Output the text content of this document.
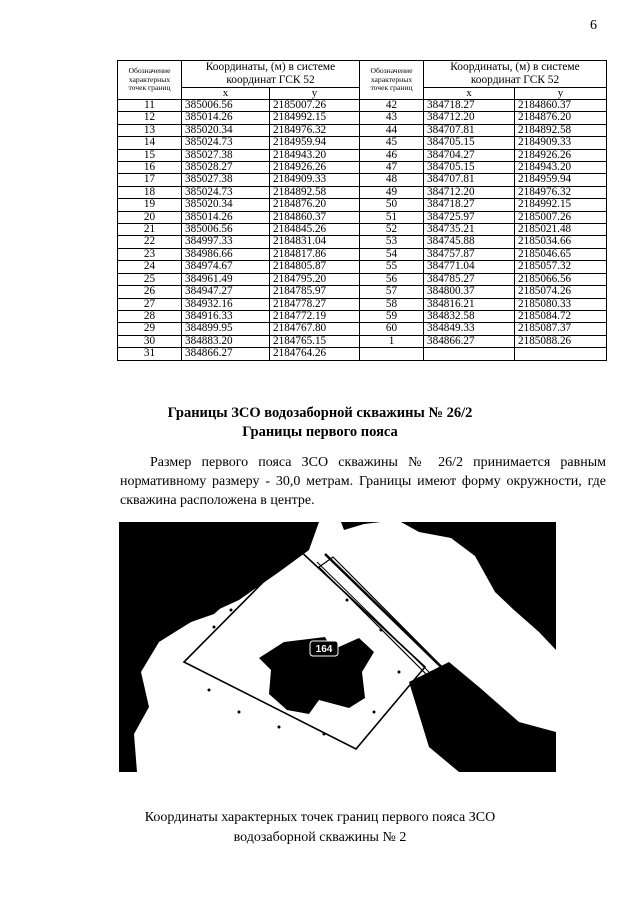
6
Обозначение характерных точек границ	Координаты, (м) в системе координат ГСК 52		Обозначение характерных точек границ	Координаты, (м) в системе координат ГСК 52	
	x	y		x	y
11	385006.56	2185007.26	42	384718.27	2184860.37
12	385014.26	2184992.15	43	384712.20	2184876.20
13	385020.34	2184976.32	44	384707.81	2184892.58
14	385024.73	2184959.94	45	384705.15	2184909.33
15	385027.38	2184943.20	46	384704.27	2184926.26
16	385028.27	2184926.26	47	384705.15	2184943.20
17	385027.38	2184909.33	48	384707.81	2184959.94
18	385024.73	2184892.58	49	384712.20	2184976.32
19	385020.34	2184876.20	50	384718.27	2184992.15
20	385014.26	2184860.37	51	384725.97	2185007.26
21	385006.56	2184845.26	52	384735.21	2185021.48
22	384997.33	2184831.04	53	384745.88	2185034.66
23	384986.66	2184817.86	54	384757.87	2185046.65
24	384974.67	2184805.87	55	384771.04	2185057.32
25	384961.49	2184795.20	56	384785.27	2185066.56
26	384947.27	2184785.97	57	384800.37	2185074.26
27	384932.16	2184778.27	58	384816.21	2185080.33
28	384916.33	2184772.19	59	384832.58	2185084.72
29	384899.95	2184767.80	60	384849.33	2185087.37
30	384883.20	2184765.15	1	384866.27	2185088.26
31	384866.27	2184764.26			
Границы ЗСО водозаборной скважины № 26/2
Границы первого пояса

Размер первого пояса ЗСО скважины № 26/2 принимается равным нормативному размеру - 30,0 метрам. Границы имеют форму окружности, где скважина расположена в центре.

164
Координаты характерных точек границ первого пояса ЗСО
водозаборной скважины № 2
